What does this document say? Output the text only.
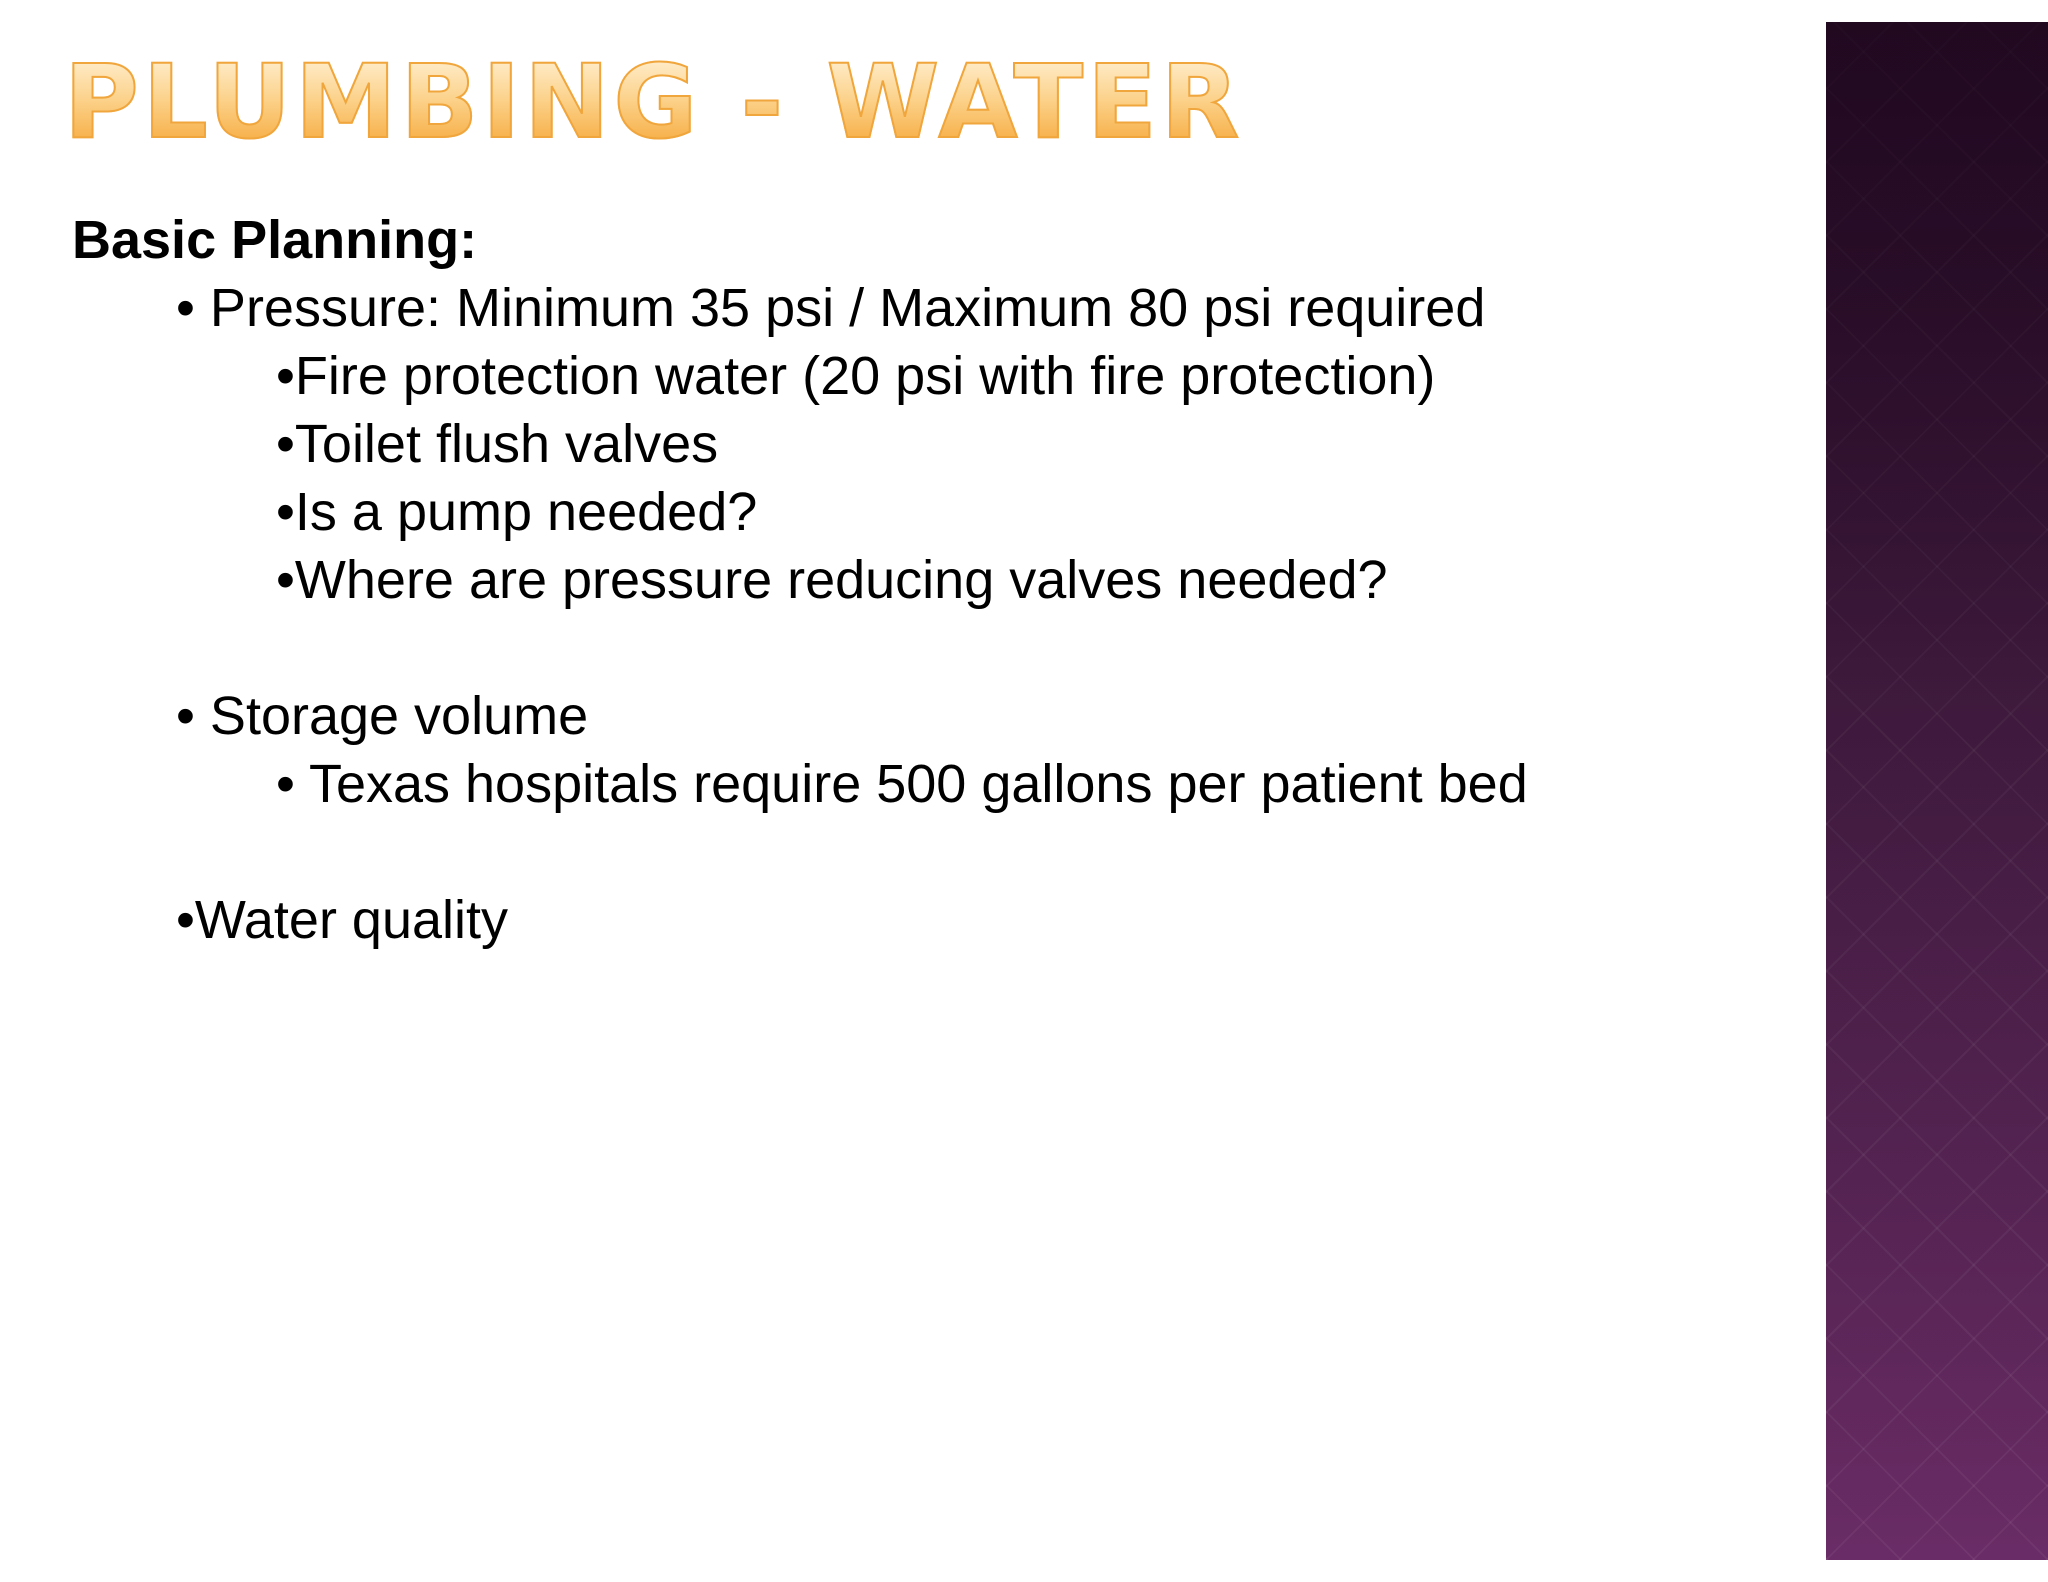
PLUMBING - WATER
Basic Planning:
• Pressure: Minimum 35 psi / Maximum 80 psi required
•Fire protection water (20 psi with fire protection)
•Toilet flush valves
•Is a pump needed?
•Where are pressure reducing valves needed?
• Storage volume
• Texas hospitals require 500 gallons per patient bed
•Water quality
